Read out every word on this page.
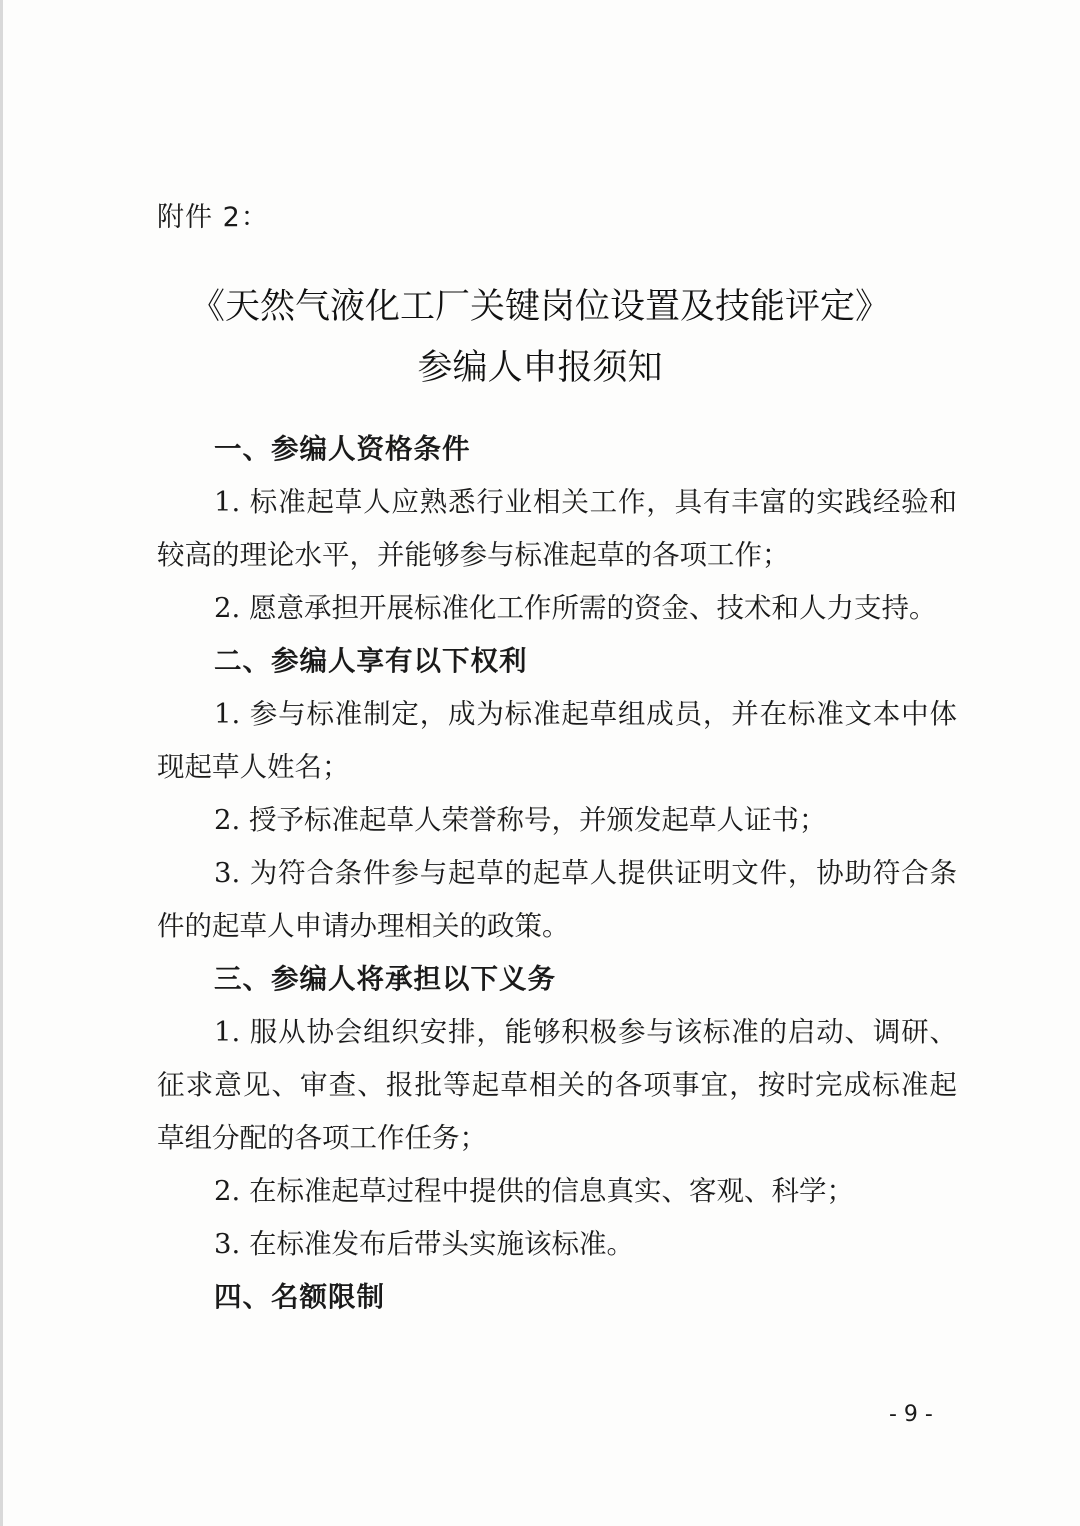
附件 2：
《天然气液化工厂关键岗位设置及技能评定》
参编人申报须知
一、参编人资格条件
1. 标准起草人应熟悉行业相关工作，具有丰富的实践经验和
较高的理论水平，并能够参与标准起草的各项工作；
2. 愿意承担开展标准化工作所需的资金、技术和人力支持。
二、参编人享有以下权利
1. 参与标准制定，成为标准起草组成员，并在标准文本中体
现起草人姓名；
2. 授予标准起草人荣誉称号，并颁发起草人证书；
3. 为符合条件参与起草的起草人提供证明文件，协助符合条
件的起草人申请办理相关的政策。
三、参编人将承担以下义务
1. 服从协会组织安排，能够积极参与该标准的启动、调研、
征求意见、审查、报批等起草相关的各项事宜，按时完成标准起
草组分配的各项工作任务；
2. 在标准起草过程中提供的信息真实、客观、科学；
3. 在标准发布后带头实施该标准。
四、名额限制
- 9 -
